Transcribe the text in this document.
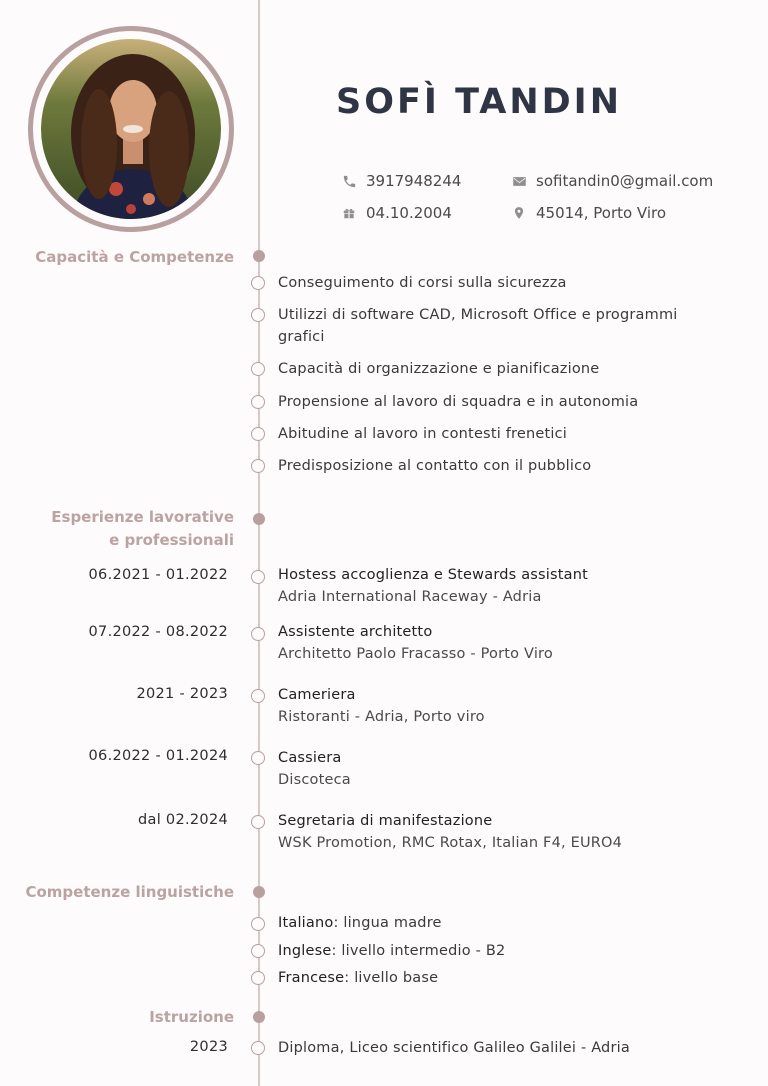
SOFÌ TANDIN
3917948244	sofitandin0@gmail.com
04.10.2004	45014, Porto Viro
Capacità e Competenze
Conseguimento di corsi sulla sicurezza
Utilizzi di software CAD, Microsoft Office e programmi grafici
Capacità di organizzazione e pianificazione
Propensione al lavoro di squadra e in autonomia
Abitudine al lavoro in contesti frenetici
Predisposizione al contatto con il pubblico
Esperienze lavorative
e professionali
06.2021 - 01.2022	Hostess accoglienza e Stewards assistant
Adria International Raceway - Adria
07.2022 - 08.2022	Assistente architetto
Architetto Paolo Fracasso - Porto Viro
2021 - 2023	Cameriera
Ristoranti - Adria, Porto viro
06.2022 - 01.2024	Cassiera
Discoteca
dal 02.2024	Segretaria di manifestazione
WSK Promotion, RMC Rotax, Italian F4, EURO4
Competenze linguistiche
Italiano: lingua madre
Inglese: livello intermedio - B2
Francese: livello base
Istruzione
2023	Diploma, Liceo scientifico Galileo Galilei - Adria
